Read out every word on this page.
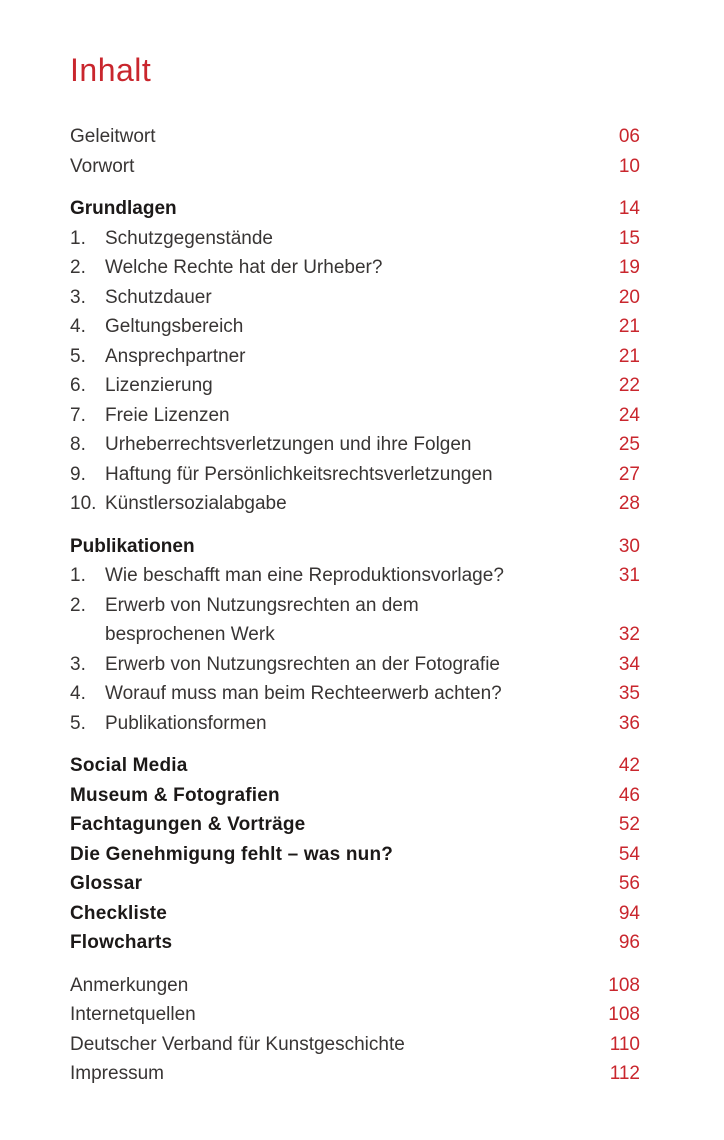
Inhalt
Geleitwort	06
Vorwort	10
Grundlagen	14
1.	Schutzgegenstände	15
2.	Welche Rechte hat der Urheber?	19
3.	Schutzdauer	20
4.	Geltungsbereich	21
5.	Ansprechpartner	21
6.	Lizenzierung	22
7.	Freie Lizenzen	24
8.	Urheberrechtsverletzungen und ihre Folgen	25
9.	Haftung für Persönlichkeitsrechtsverletzungen	27
10. Künstlersozialabgabe	28
Publikationen	30
1.	Wie beschafft man eine Reproduktionsvorlage?	31
2.	Erwerb von Nutzungsrechten an dem
besprochenen Werk	32
3.	Erwerb von Nutzungsrechten an der Fotografie	34
4.	Worauf muss man beim Rechteerwerb achten?	35
5.	Publikationsformen	36
Social Media	42
Museum & Fotografien	46
Fachtagungen & Vorträge	52
Die Genehmigung fehlt – was nun?	54
Glossar	56
Checkliste	94
Flowcharts	96
Anmerkungen	108
Internetquellen	108
Deutscher Verband für Kunstgeschichte	110
Impressum	112
